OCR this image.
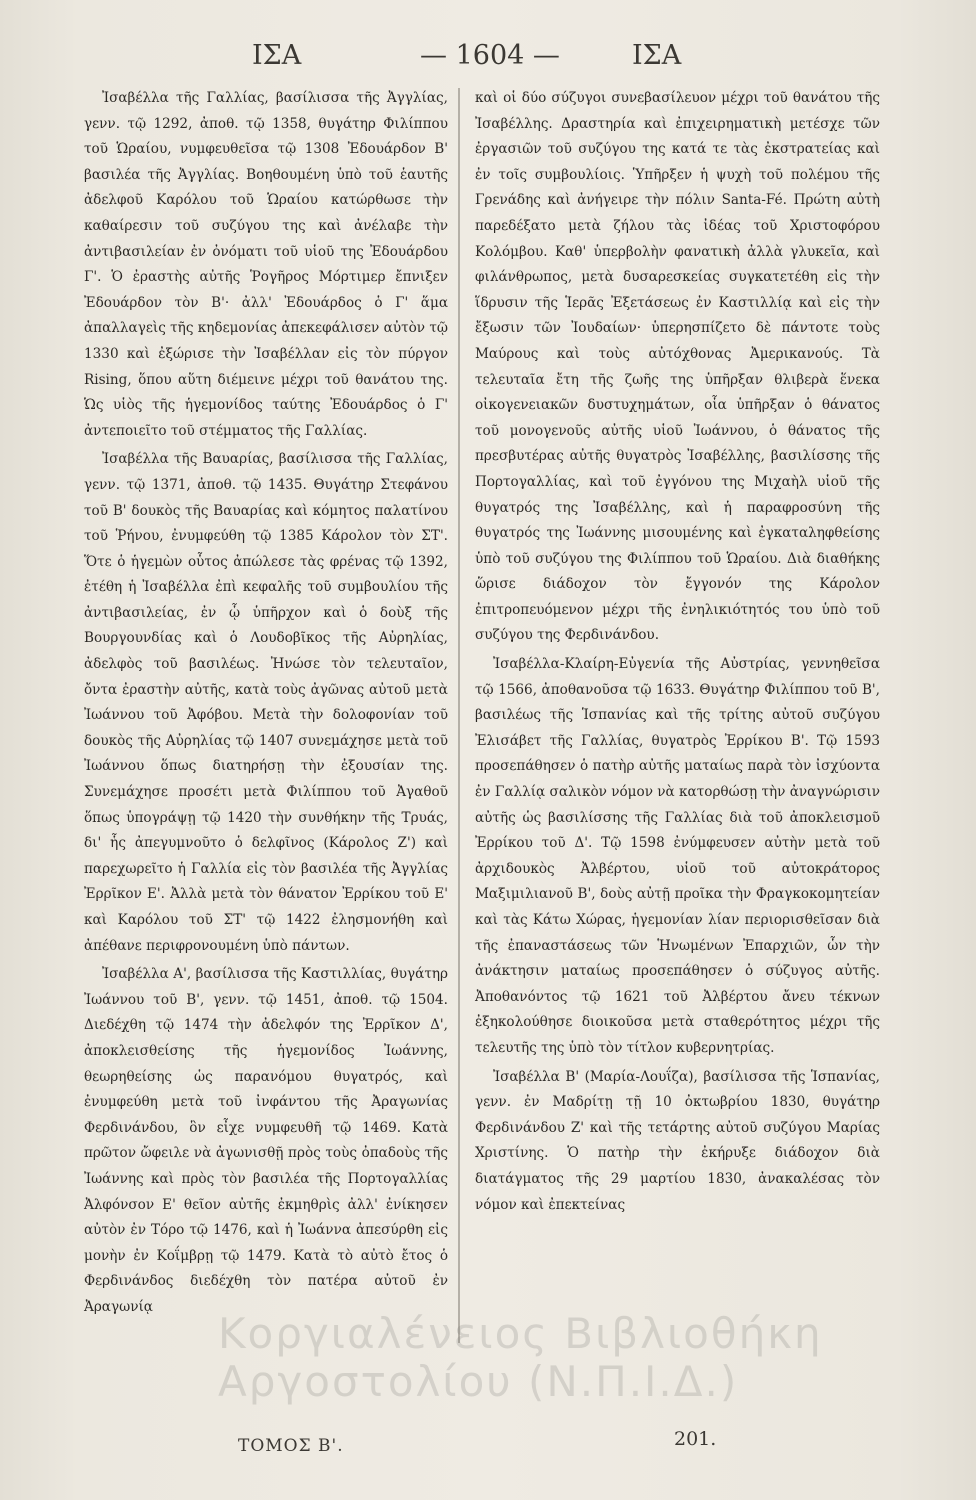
ΙΣΑ	— 1604 —	ΙΣΑ

Ἰσαβέλλα τῆς Γαλλίας, βασίλισσα τῆς Ἀγγλίας, γενν. τῷ 1292, ἀποθ. τῷ 1358, θυγάτηρ Φιλίππου τοῦ Ὡραίου, νυμφευθεῖσα τῷ 1308 Ἐδουάρδον Β' βασιλέα τῆς Ἀγγλίας. Βοηθουμένη ὑπὸ τοῦ ἑαυτῆς ἀδελφοῦ Καρόλου τοῦ Ὡραίου κατώρθωσε τὴν καθαίρεσιν τοῦ συζύγου της καὶ ἀνέλαβε τὴν ἀντιβασιλείαν ἐν ὀνόματι τοῦ υἱοῦ της Ἐδουάρδου Γ'. Ὁ ἐραστὴς αὐτῆς Ῥογῆρος Μόρτιμερ ἔπνιξεν Ἐδουάρδον τὸν Β'· ἀλλ' Ἐδουάρδος ὁ Γ' ἅμα ἀπαλλαγεὶς τῆς κηδεμονίας ἀπεκεφάλισεν αὐτὸν τῷ 1330 καὶ ἐξώρισε τὴν Ἰσαβέλλαν εἰς τὸν πύργον Rising, ὅπου αὕτη διέμεινε μέχρι τοῦ θανάτου της. Ὡς υἱὸς τῆς ἡγεμονίδος ταύτης Ἐδουάρδος ὁ Γ' ἀντεποιεῖτο τοῦ στέμματος τῆς Γαλλίας.

Ἰσαβέλλα τῆς Βαυαρίας, βασίλισσα τῆς Γαλλίας, γενν. τῷ 1371, ἀποθ. τῷ 1435. Θυγάτηρ Στεφάνου τοῦ Β' δουκὸς τῆς Βαυαρίας καὶ κόμητος παλατίνου τοῦ Ῥήνου, ἐνυμφεύθη τῷ 1385 Κάρολον τὸν ΣΤ'. Ὅτε ὁ ἡγεμὼν οὗτος ἀπώλεσε τὰς φρένας τῷ 1392, ἐτέθη ἡ Ἰσαβέλλα ἐπὶ κεφαλῆς τοῦ συμβουλίου τῆς ἀντιβασιλείας, ἐν ᾧ ὑπῆρχον καὶ ὁ δοὺξ τῆς Βουργουνδίας καὶ ὁ Λουδοβῖκος τῆς Αὐρηλίας, ἀδελφὸς τοῦ βασιλέως. Ἠνώσε τὸν τελευταῖον, ὄντα ἐραστὴν αὐτῆς, κατὰ τοὺς ἀγῶνας αὐτοῦ μετὰ Ἰωάννου τοῦ Ἀφόβου. Μετὰ τὴν δολοφονίαν τοῦ δουκὸς τῆς Αὐρηλίας τῷ 1407 συνεμάχησε μετὰ τοῦ Ἰωάννου ὅπως διατηρήσῃ τὴν ἐξουσίαν της. Συνεμάχησε προσέτι μετὰ Φιλίππου τοῦ Ἀγαθοῦ ὅπως ὑπογράψῃ τῷ 1420 τὴν συνθήκην τῆς Τρυάς, δι' ἧς ἀπεγυμνοῦτο ὁ δελφῖνος (Κάρολος Ζ') καὶ παρεχωρεῖτο ἡ Γαλλία εἰς τὸν βασιλέα τῆς Ἀγγλίας Ἐρρῖκον Ε'. Ἀλλὰ μετὰ τὸν θάνατον Ἐρρίκου τοῦ Ε' καὶ Καρόλου τοῦ ΣΤ' τῷ 1422 ἐλησμονήθη καὶ ἀπέθανε περιφρονουμένη ὑπὸ πάντων.

Ἰσαβέλλα Α', βασίλισσα τῆς Καστιλλίας, θυγάτηρ Ἰωάννου τοῦ Β', γενν. τῷ 1451, ἀποθ. τῷ 1504. Διεδέχθη τῷ 1474 τὴν ἀδελφόν της Ἐρρῖκον Δ', ἀποκλεισθείσης τῆς ἡγεμονίδος Ἰωάννης, θεωρηθείσης ὡς παρανόμου θυγατρός, καὶ ἐνυμφεύθη μετὰ τοῦ ἰνφάντου τῆς Ἀραγωνίας Φερδινάνδου, ὃν εἶχε νυμφευθῆ τῷ 1469. Κατὰ πρῶτον ὤφειλε νὰ ἀγωνισθῇ πρὸς τοὺς ὀπαδοὺς τῆς Ἰωάννης καὶ πρὸς τὸν βασιλέα τῆς Πορτογαλλίας Ἀλφόνσον Ε' θεῖον αὐτῆς ἐκμηθρὶς ἀλλ' ἐνίκησεν αὐτὸν ἐν Τόρο τῷ 1476, καὶ ἡ Ἰωάννα ἀπεσύρθη εἰς μονὴν ἐν Κοΐμβρῃ τῷ 1479. Κατὰ τὸ αὐτὸ ἔτος ὁ Φερδινάνδος διεδέχθη τὸν πατέρα αὐτοῦ ἐν Ἀραγωνίᾳ

καὶ οἱ δύο σύζυγοι συνεβασίλευον μέχρι τοῦ θανάτου τῆς Ἰσαβέλλης. Δραστηρία καὶ ἐπιχειρηματικὴ μετέσχε τῶν ἐργασιῶν τοῦ συζύγου της κατά τε τὰς ἐκστρατείας καὶ ἐν τοῖς συμβουλίοις. Ὑπῆρξεν ἡ ψυχὴ τοῦ πολέμου τῆς Γρενάδης καὶ ἀνήγειρε τὴν πόλιν Santa-Fé. Πρώτη αὐτὴ παρεδέξατο μετὰ ζήλου τὰς ἰδέας τοῦ Χριστοφόρου Κολόμβου. Καθ' ὑπερβολὴν φανατικὴ ἀλλὰ γλυκεῖα, καὶ φιλάνθρωπος, μετὰ δυσαρεσκείας συγκατετέθη εἰς τὴν ἵδρυσιν τῆς Ἱερᾶς Ἐξετάσεως ἐν Καστιλλίᾳ καὶ εἰς τὴν ἔξωσιν τῶν Ἰουδαίων· ὑπερησπίζετο δὲ πάντοτε τοὺς Μαύρους καὶ τοὺς αὐτόχθονας Ἀμερικανούς. Τὰ τελευταῖα ἔτη τῆς ζωῆς της ὑπῆρξαν θλιβερὰ ἕνεκα οἰκογενειακῶν δυστυχημάτων, οἷα ὑπῆρξαν ὁ θάνατος τοῦ μονογενοῦς αὐτῆς υἱοῦ Ἰωάννου, ὁ θάνατος τῆς πρεσβυτέρας αὐτῆς θυγατρὸς Ἰσαβέλλης, βασιλίσσης τῆς Πορτογαλλίας, καὶ τοῦ ἐγγόνου της Μιχαὴλ υἱοῦ τῆς θυγατρός της Ἰσαβέλλης, καὶ ἡ παραφροσύνη τῆς θυγατρός της Ἰωάννης μισουμένης καὶ ἐγκαταληφθείσης ὑπὸ τοῦ συζύγου της Φιλίππου τοῦ Ὡραίου. Διὰ διαθήκης ὥρισε διάδοχον τὸν ἔγγονόν της Κάρολον ἐπιτροπευόμενον μέχρι τῆς ἐνηλικιότητός του ὑπὸ τοῦ συζύγου της Φερδινάνδου.

Ἰσαβέλλα-Κλαίρη-Εὐγενία τῆς Αὐστρίας, γεννηθεῖσα τῷ 1566, ἀποθανοῦσα τῷ 1633. Θυγάτηρ Φιλίππου τοῦ Β', βασιλέως τῆς Ἱσπανίας καὶ τῆς τρίτης αὐτοῦ συζύγου Ἐλισάβετ τῆς Γαλλίας, θυγατρὸς Ἐρρίκου Β'. Τῷ 1593 προσεπάθησεν ὁ πατὴρ αὐτῆς ματαίως παρὰ τὸν ἰσχύοντα ἐν Γαλλίᾳ σαλικὸν νόμον νὰ κατορθώσῃ τὴν ἀναγνώρισιν αὐτῆς ὡς βασιλίσσης τῆς Γαλλίας διὰ τοῦ ἀποκλεισμοῦ Ἐρρίκου τοῦ Δ'. Τῷ 1598 ἐνύμφευσεν αὐτὴν μετὰ τοῦ ἀρχιδουκὸς Ἀλβέρτου, υἱοῦ τοῦ αὐτοκράτορος Μαξιμιλιανοῦ Β', δοὺς αὐτῇ προῖκα τὴν Φραγκοκομητείαν καὶ τὰς Κάτω Χώρας, ἡγεμονίαν λίαν περιορισθεῖσαν διὰ τῆς ἐπαναστάσεως τῶν Ἡνωμένων Ἐπαρχιῶν, ὧν τὴν ἀνάκτησιν ματαίως προσεπάθησεν ὁ σύζυγος αὐτῆς. Ἀποθανόντος τῷ 1621 τοῦ Ἀλβέρτου ἄνευ τέκνων ἐξηκολούθησε διοικοῦσα μετὰ σταθερότητος μέχρι τῆς τελευτῆς της ὑπὸ τὸν τίτλον κυβερνητρίας.

Ἰσαβέλλα Β' (Μαρία-Λουΐζα), βασίλισσα τῆς Ἱσπανίας, γενν. ἐν Μαδρίτῃ τῇ 10 ὀκτωβρίου 1830, θυγάτηρ Φερδινάνδου Ζ' καὶ τῆς τετάρτης αὐτοῦ συζύγου Μαρίας Χριστίνης. Ὁ πατὴρ τὴν ἐκήρυξε διάδοχον διὰ διατάγματος τῆς 29 μαρτίου 1830, ἀνακαλέσας τὸν νόμον καὶ ἐπεκτείνας

Κοργιαλένειος Βιβλιοθήκη
Αργοστολίου (Ν.Π.Ι.Δ.)
ΤΟΜΟΣ Β'.	201.
